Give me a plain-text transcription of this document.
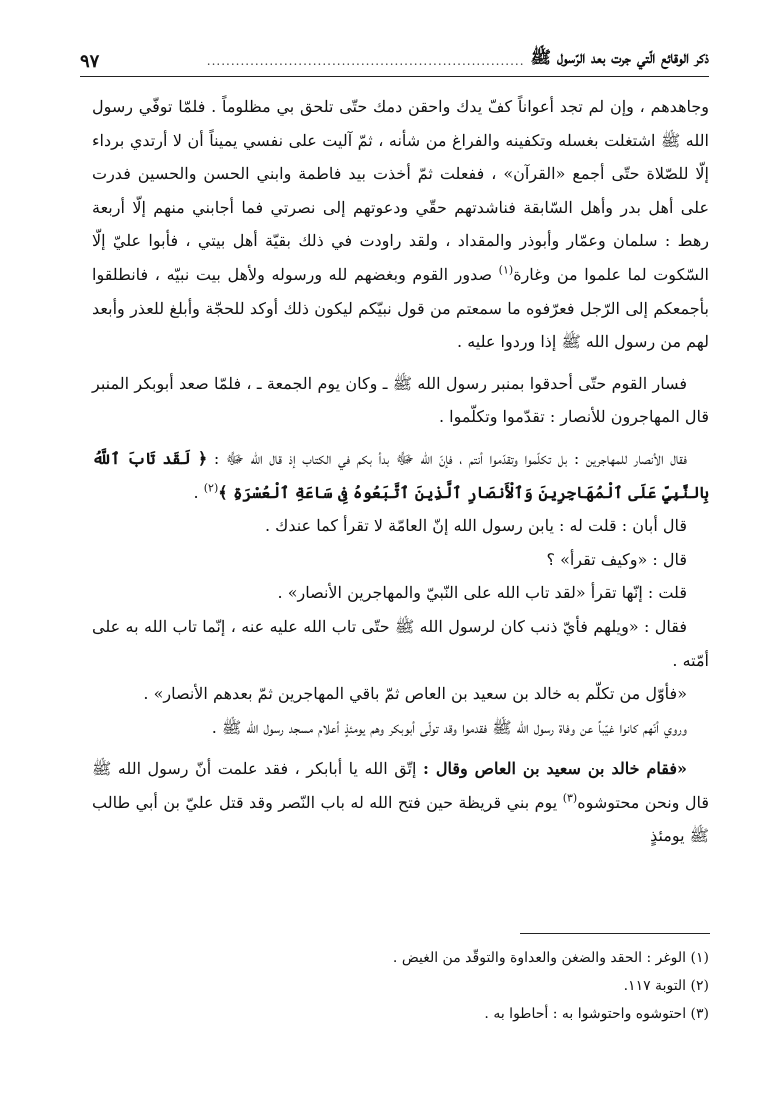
ذكر الوقائع الّتي جرت بعد الرّسول ﷺ
..................................................................
٩٧

وجاهدهم ، وإن لم تجد أعواناً كفّ يدك واحقن دمك حتّى تلحق بي مظلوماً . فلمّا توفّي رسول الله ﷺ اشتغلت بغسله وتكفينه والفراغ من شأنه ، ثمّ آليت على نفسي يميناً أن لا أرتدي برداء إلّا للصّلاة حتّى أجمع «القرآن» ، ففعلت ثمّ أخذت بيد فاطمة وابني الحسن والحسين فدرت على أهل بدر وأهل السّابقة فناشدتهم حقّي ودعوتهم إلى نصرتي فما أجابني منهم إلّا أربعة رهط : سلمان وعمّار وأبوذر والمقداد ، ولقد راودت في ذلك بقيّة أهل بيتي ، فأبوا عليّ إلّا السّكوت لما علموا من وغارة$^{(١)}$ صدور القوم وبغضهم لله ورسوله ولأهل بيت نبيّه ، فانطلقوا بأجمعكم إلى الرّجل فعرّفوه ما سمعتم من قول نبيّكم ليكون ذلك أوكد للحجّة وأبلغ للعذر وأبعد لهم من رسول الله ﷺ إذا وردوا عليه .

فسار القوم حتّى أحدقوا بمنبر رسول الله ﷺ ـ وكان يوم الجمعة ـ ، فلمّا صعد أبوبكر المنبر قال المهاجرون للأنصار : تقدّموا وتكلّموا .

فقال الأنصار للمهاجرين : بل تكلّموا وتقدّموا أنتم ، فإنّ الله ﷻ بدأ بكم في الكتاب إذ قال الله ﷻ : ﴿ لَقَد تَابَ ٱللَّهُ بِالنَّبِيِّ عَلَى ٱلْمُهَاجِرِينَ وَٱلْأَنصَارِ ٱلَّذِينَ ٱتَّبَعُوهُ فِى سَاعَةِ ٱلْعُسْرَةِ ﴾$^{(٢)}$ .

قال أبان : قلت له : يابن رسول الله إنّ العامّة لا تقرأ كما عندك .

قال : «وكيف تقرأ» ؟

قلت : إنّها تقرأ «لقد تاب الله على النّبيّ والمهاجرين الأنصار» .

فقال : «ويلهم فأيّ ذنب كان لرسول الله ﷺ حتّى تاب الله عليه عنه ، إنّما تاب الله به على أمّته .

«فأوّل من تكلّم به خالد بن سعيد بن العاص ثمّ باقي المهاجرين ثمّ بعدهم الأنصار» .

وروي أنّهم كانوا غيّباً عن وفاة رسول الله ﷺ فقدموا وقد تولّى أبوبكر وهم يومئذٍ أعلام مسجد رسول الله ﷺ .

«فقام خالد بن سعيد بن العاص وقال : إتّق الله يا أبابكر ، فقد علمت أنّ رسول الله ﷺ قال ونحن محتوشوه$^{(٣)}$ يوم بني قريظة حين فتح الله له باب النّصر وقد قتل عليّ بن أبي طالب ﷺ يومئذٍ

(١) الوغر : الحقد والضغن والعداوة والتوقّد من الغيض .

(٢) التوبة ١١٧.

(٣) احتوشوه واحتوشوا به : أحاطوا به .
